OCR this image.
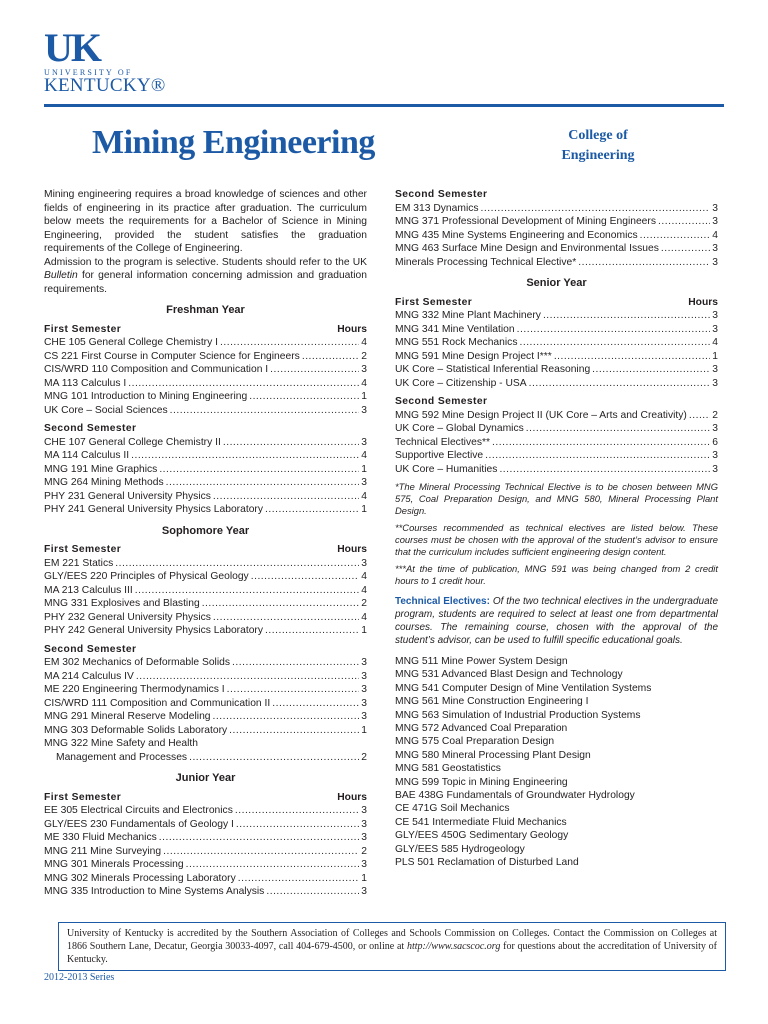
UK
UNIVERSITY OF
KENTUCKY®
Mining Engineering	College of
Engineering

Mining engineering requires a broad knowledge of sciences and other fields of engineering in its practice after graduation. The curriculum below meets the requirements for a Bachelor of Science in Mining Engineering, provided the student satisfies the graduation requirements of the College of Engineering.

Admission to the program is selective. Students should refer to the UK Bulletin for general information concerning admission and graduation requirements.

Freshman Year
First Semester	Hours
CHE 105 General College Chemistry I .....	4
CS 221 First Course in Computer Science for Engineers .....	2
CIS/WRD 110 Composition and Communication I .....	3
MA 113 Calculus I .....	4
MNG 101 Introduction to Mining Engineering .....	1
UK Core – Social Sciences .....	3
Second Semester
CHE 107 General College Chemistry II .....	3
MA 114 Calculus II .....	4
MNG 191 Mine Graphics .....	1
MNG 264 Mining Methods .....	3
PHY 231 General University Physics .....	4
PHY 241 General University Physics Laboratory .....	1
Sophomore Year
First Semester	Hours
EM 221 Statics .....	3
GLY/EES 220 Principles of Physical Geology .....	4
MA 213 Calculus III .....	4
MNG 331 Explosives and Blasting .....	2
PHY 232 General University Physics .....	4
PHY 242 General University Physics Laboratory .....	1
Second Semester
EM 302 Mechanics of Deformable Solids .....	3
MA 214 Calculus IV .....	3
ME 220 Engineering Thermodynamics I .....	3
CIS/WRD 111 Composition and Communication II .....	3
MNG 291 Mineral Reserve Modeling .....	3
MNG 303 Deformable Solids Laboratory .....	1
MNG 322 Mine Safety and Health
Management and Processes .....	2
Junior Year
First Semester	Hours
EE 305 Electrical Circuits and Electronics .....	3
GLY/EES 230 Fundamentals of Geology I .....	3
ME 330 Fluid Mechanics .....	3
MNG 211 Mine Surveying .....	2
MNG 301 Minerals Processing .....	3
MNG 302 Minerals Processing Laboratory .....	1
MNG 335 Introduction to Mine Systems Analysis .....	3
Second Semester
EM 313 Dynamics .....	3
MNG 371 Professional Development of Mining Engineers .....	3
MNG 435 Mine Systems Engineering and Economics .....	4
MNG 463 Surface Mine Design and Environmental Issues .....	3
Minerals Processing Technical Elective* .....	3
Senior Year
First Semester	Hours
MNG 332 Mine Plant Machinery .....	3
MNG 341 Mine Ventilation .....	3
MNG 551 Rock Mechanics .....	4
MNG 591 Mine Design Project I*** .....	1
UK Core – Statistical Inferential Reasoning .....	3
UK Core – Citizenship - USA .....	3
Second Semester
MNG 592 Mine Design Project II (UK Core – Arts and Creativity) ..... 2
UK Core – Global Dynamics .....	3
Technical Electives** .....	6
Supportive Elective .....	3
UK Core – Humanities .....	3
*The Mineral Processing Technical Elective is to be chosen between MNG 575, Coal Preparation Design, and MNG 580, Mineral Processing Plant Design.
**Courses recommended as technical electives are listed below. These courses must be chosen with the approval of the student’s advisor to ensure that the curriculum includes sufficient engineering design content.
***At the time of publication, MNG 591 was being changed from 2 credit hours to 1 credit hour.
Technical Electives: Of the two technical electives in the undergraduate program, students are required to select at least one from departmental courses. The remaining course, chosen with the approval of the student’s advisor, can be used to fulfill specific educational goals.
MNG 511 Mine Power System Design
MNG 531 Advanced Blast Design and Technology
MNG 541 Computer Design of Mine Ventilation Systems
MNG 561 Mine Construction Engineering I
MNG 563 Simulation of Industrial Production Systems
MNG 572 Advanced Coal Preparation
MNG 575 Coal Preparation Design
MNG 580 Mineral Processing Plant Design
MNG 581 Geostatistics
MNG 599 Topic in Mining Engineering
BAE 438G Fundamentals of Groundwater Hydrology
CE 471G Soil Mechanics
CE 541 Intermediate Fluid Mechanics
GLY/EES 450G Sedimentary Geology
GLY/EES 585 Hydrogeology
PLS 501 Reclamation of Disturbed Land
University of Kentucky is accredited by the Southern Association of Colleges and Schools Commission on Colleges. Contact the Commission on Colleges at 1866 Southern Lane, Decatur, Georgia 30033-4097, call 404-679-4500, or online at http://www.sacscoc.org for questions about the accreditation of University of Kentucky.
2012-2013 Series
